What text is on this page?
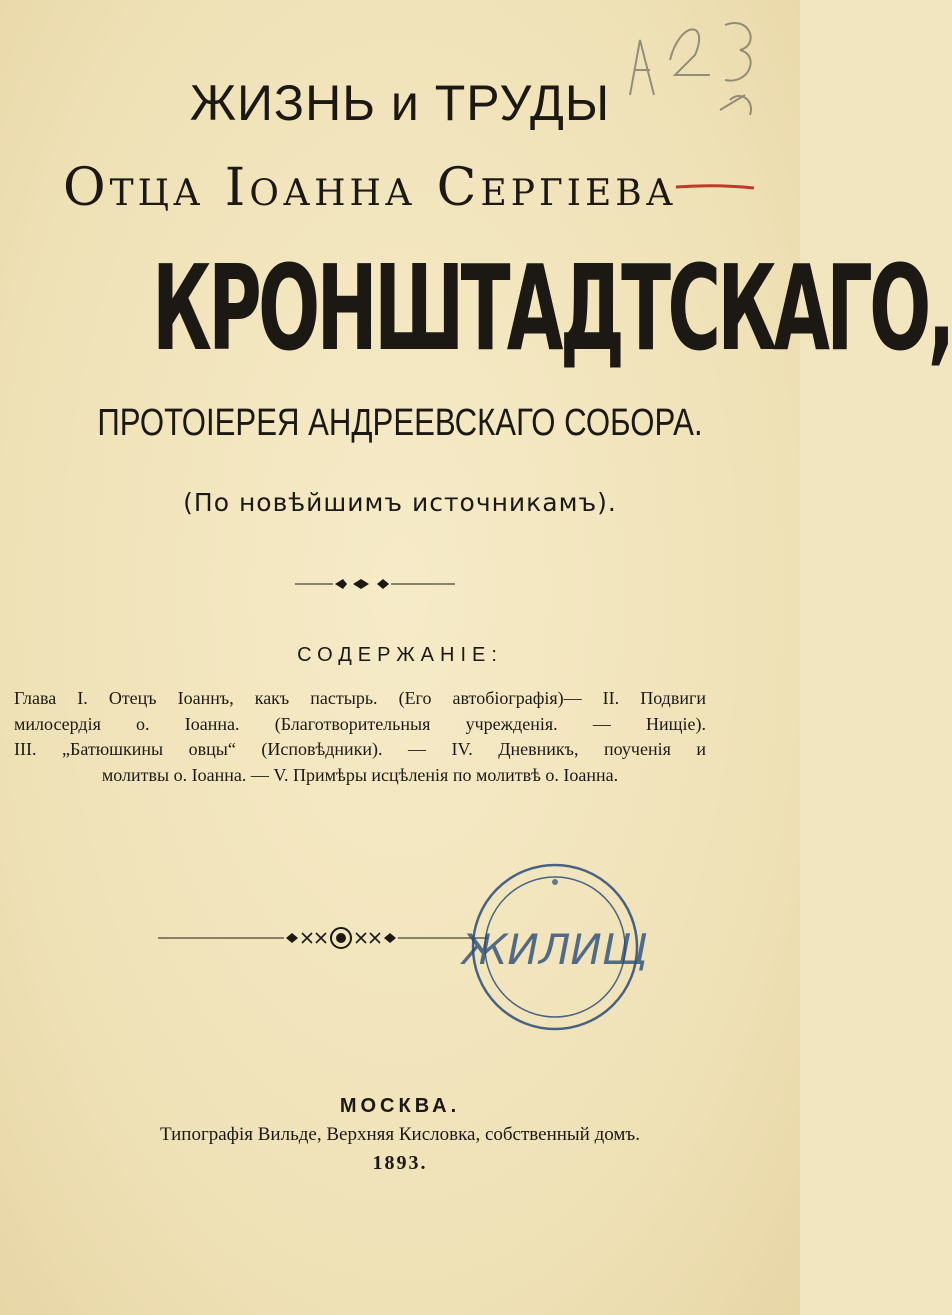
ЖИЗНЬ и ТРУДЫ
Отца Іоанна Сергіева
КРОНШТАДТСКАГО,
ПРОТОІЕРЕЯ АНДРЕЕВСКАГО СОБОРА.
(По новѣйшимъ источникамъ).
СОДЕРЖАНІЕ:

Глава I. Отецъ Іоаннъ, какъ пастырь. (Его автобіографія)— II. Подвиги

милосердія о. Іоанна. (Благотворительныя учрежденія. — Нищіе).

III. „Батюшкины овцы“ (Исповѣдники). — IV. Дневникъ, поученія и

молитвы о. Іоанна. — V. Примѣры исцѣленія по молитвѣ о. Іоанна.

ЖИЛИЩ
МОСКВА.
Типографія Вильде, Верхняя Кисловка, собственный домъ.
1893.
